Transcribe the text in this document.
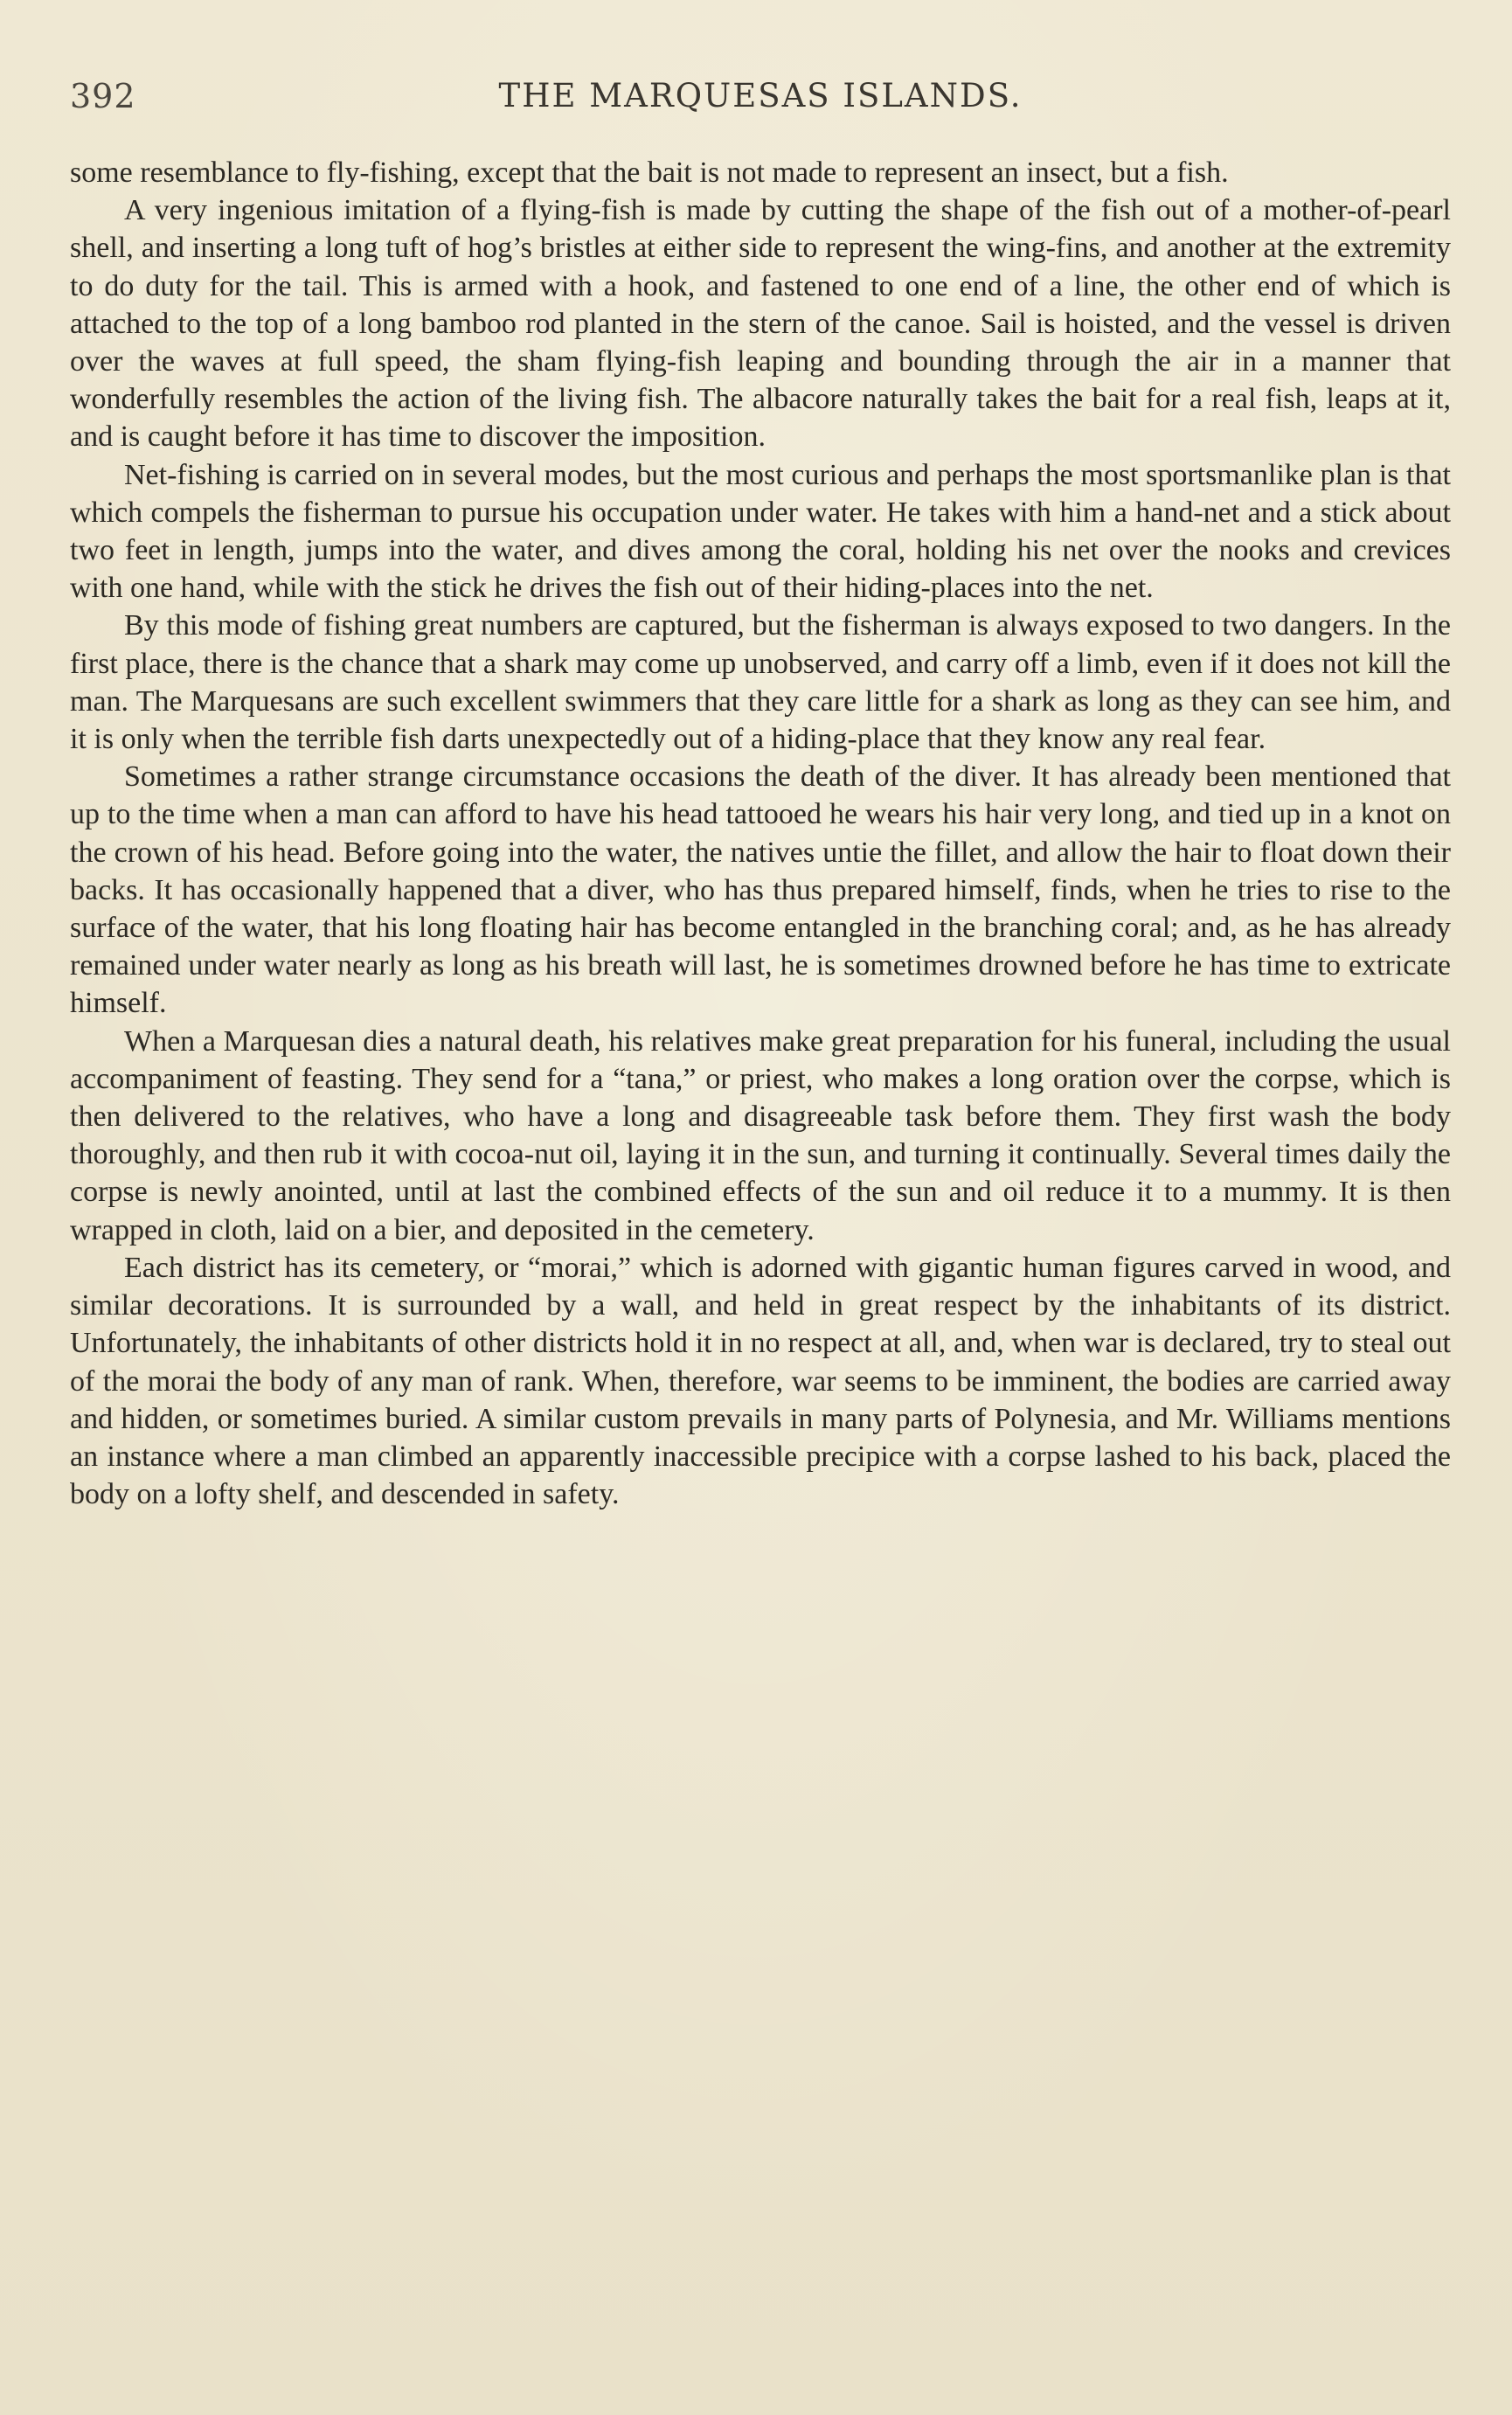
392	THE MARQUESAS ISLANDS.

some resemblance to fly-fishing, except that the bait is not made to represent an insect, but a fish.

A very ingenious imitation of a flying-fish is made by cutting the shape of the fish out of a mother-of-pearl shell, and inserting a long tuft of hog’s bristles at either side to represent the wing-fins, and another at the extremity to do duty for the tail. This is armed with a hook, and fastened to one end of a line, the other end of which is attached to the top of a long bamboo rod planted in the stern of the canoe. Sail is hoisted, and the vessel is driven over the waves at full speed, the sham flying-fish leaping and bounding through the air in a manner that wonderfully resembles the action of the living fish. The albacore naturally takes the bait for a real fish, leaps at it, and is caught before it has time to discover the imposition.

Net-fishing is carried on in several modes, but the most curious and perhaps the most sportsmanlike plan is that which compels the fisherman to pursue his occupation under water. He takes with him a hand-net and a stick about two feet in length, jumps into the water, and dives among the coral, holding his net over the nooks and crevices with one hand, while with the stick he drives the fish out of their hiding-places into the net.

By this mode of fishing great numbers are captured, but the fisherman is always exposed to two dangers. In the first place, there is the chance that a shark may come up unobserved, and carry off a limb, even if it does not kill the man. The Marquesans are such excellent swimmers that they care little for a shark as long as they can see him, and it is only when the terrible fish darts unexpectedly out of a hiding-place that they know any real fear.

Sometimes a rather strange circumstance occasions the death of the diver. It has already been mentioned that up to the time when a man can afford to have his head tattooed he wears his hair very long, and tied up in a knot on the crown of his head. Before going into the water, the natives untie the fillet, and allow the hair to float down their backs. It has occasionally happened that a diver, who has thus prepared himself, finds, when he tries to rise to the surface of the water, that his long floating hair has become entangled in the branching coral; and, as he has already remained under water nearly as long as his breath will last, he is sometimes drowned before he has time to extricate himself.

When a Marquesan dies a natural death, his relatives make great preparation for his funeral, including the usual accompaniment of feasting. They send for a “tana,” or priest, who makes a long oration over the corpse, which is then delivered to the relatives, who have a long and disagreeable task before them. They first wash the body thoroughly, and then rub it with cocoa-nut oil, laying it in the sun, and turning it continually. Several times daily the corpse is newly anointed, until at last the combined effects of the sun and oil reduce it to a mummy. It is then wrapped in cloth, laid on a bier, and deposited in the cemetery.

Each district has its cemetery, or “morai,” which is adorned with gigantic human figures carved in wood, and similar decorations. It is surrounded by a wall, and held in great respect by the inhabitants of its district. Unfortunately, the inhabitants of other districts hold it in no respect at all, and, when war is declared, try to steal out of the morai the body of any man of rank. When, therefore, war seems to be imminent, the bodies are carried away and hidden, or sometimes buried. A similar custom prevails in many parts of Polynesia, and Mr. Williams mentions an instance where a man climbed an apparently inaccessible precipice with a corpse lashed to his back, placed the body on a lofty shelf, and descended in safety.
